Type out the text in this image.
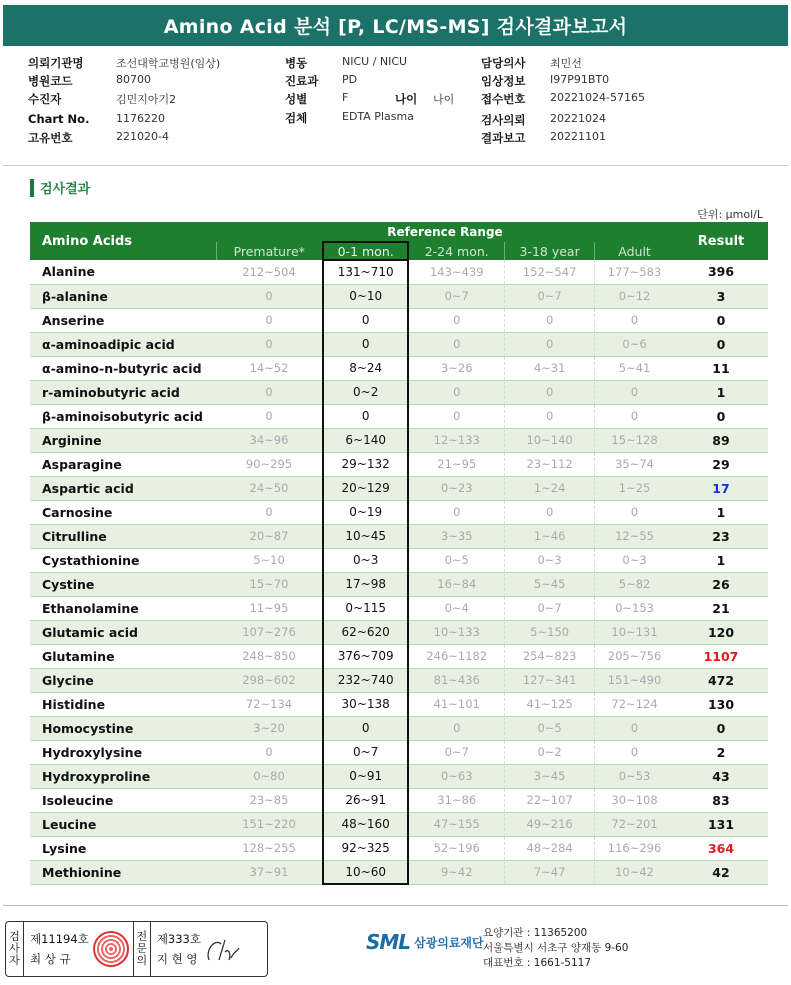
Amino Acid 분석 [P, LC/MS-MS] 검사결과보고서
의뢰기관명	조선대학교병원(임상)
병원코드	80700
수진자	김민지아기2
Chart No.	1176220
고유번호	221020-4
병동	NICU / NICU
진료과	PD
성별	F
검체	EDTA Plasma
나이	나이
담당의사	최민선
임상정보	I97P91BT0
접수번호	20221024-57165
검사의뢰	20221024
결과보고	20221101
검사결과
단위: μmol/L
Amino Acids	Reference Range					Result
	Premature*	0-1 mon.	2-24 mon.	3-18 year	Adult	
Alanine	212~504	131~710	143~439	152~547	177~583	396
β-alanine	0	0~10	0~7	0~7	0~12	3
Anserine	0	0	0	0	0	0
α-aminoadipic acid	0	0	0	0	0~6	0
α-amino-n-butyric acid	14~52	8~24	3~26	4~31	5~41	11
r-aminobutyric acid	0	0~2	0	0	0	1
β-aminoisobutyric acid	0	0	0	0	0	0
Arginine	34~96	6~140	12~133	10~140	15~128	89
Asparagine	90~295	29~132	21~95	23~112	35~74	29
Aspartic acid	24~50	20~129	0~23	1~24	1~25	17
Carnosine	0	0~19	0	0	0	1
Citrulline	20~87	10~45	3~35	1~46	12~55	23
Cystathionine	5~10	0~3	0~5	0~3	0~3	1
Cystine	15~70	17~98	16~84	5~45	5~82	26
Ethanolamine	11~95	0~115	0~4	0~7	0~153	21
Glutamic acid	107~276	62~620	10~133	5~150	10~131	120
Glutamine	248~850	376~709	246~1182	254~823	205~756	1107
Glycine	298~602	232~740	81~436	127~341	151~490	472
Histidine	72~134	30~138	41~101	41~125	72~124	130
Homocystine	3~20	0	0	0~5	0	0
Hydroxylysine	0	0~7	0~7	0~2	0	2
Hydroxyproline	0~80	0~91	0~63	3~45	0~53	43
Isoleucine	23~85	26~91	31~86	22~107	30~108	83
Leucine	151~220	48~160	47~155	49~216	72~201	131
Lysine	128~255	92~325	52~196	48~284	116~296	364
Methionine	37~91	10~60	9~42	7~47	10~42	42
검
사
자
제11194호
최 상 규
전
문
의
제333호
지 현 영
SML 삼광의료재단
요양기관 : 11365200
서울특별시 서초구 양재동 9-60
대표번호 : 1661-5117
